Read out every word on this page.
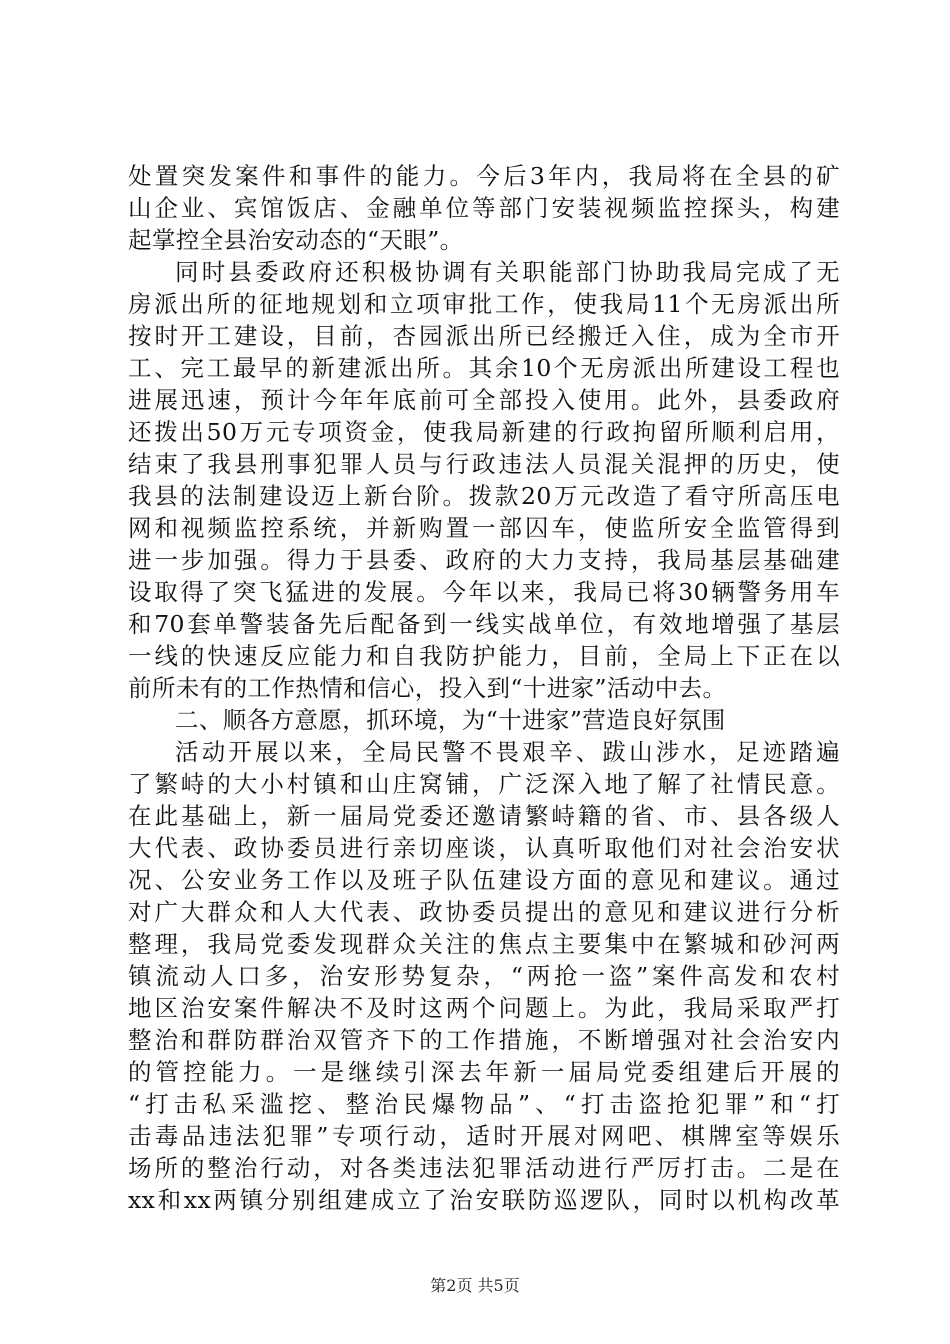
处置突发案件和事件的能力。今后3年内，我局将在全县的矿
山企业、宾馆饭店、金融单位等部门安装视频监控探头，构建
起掌控全县治安动态的“天眼”。
同时县委政府还积极协调有关职能部门协助我局完成了无
房派出所的征地规划和立项审批工作，使我局11个无房派出所
按时开工建设，目前，杏园派出所已经搬迁入住，成为全市开
工、完工最早的新建派出所。其余10个无房派出所建设工程也
进展迅速，预计今年年底前可全部投入使用。此外，县委政府
还拨出50万元专项资金，使我局新建的行政拘留所顺利启用，
结束了我县刑事犯罪人员与行政违法人员混关混押的历史，使
我县的法制建设迈上新台阶。拨款20万元改造了看守所高压电
网和视频监控系统，并新购置一部囚车，使监所安全监管得到
进一步加强。得力于县委、政府的大力支持，我局基层基础建
设取得了突飞猛进的发展。今年以来，我局已将30辆警务用车
和70套单警装备先后配备到一线实战单位，有效地增强了基层
一线的快速反应能力和自我防护能力，目前，全局上下正在以
前所未有的工作热情和信心，投入到“十进家”活动中去。
二、顺各方意愿，抓环境，为“十进家”营造良好氛围
活动开展以来，全局民警不畏艰辛、跋山涉水，足迹踏遍
了繁峙的大小村镇和山庄窝铺，广泛深入地了解了社情民意。
在此基础上，新一届局党委还邀请繁峙籍的省、市、县各级人
大代表、政协委员进行亲切座谈，认真听取他们对社会治安状
况、公安业务工作以及班子队伍建设方面的意见和建议。通过
对广大群众和人大代表、政协委员提出的意见和建议进行分析
整理，我局党委发现群众关注的焦点主要集中在繁城和砂河两
镇流动人口多，治安形势复杂，“两抢一盗”案件高发和农村
地区治安案件解决不及时这两个问题上。为此，我局采取严打
整治和群防群治双管齐下的工作措施，不断增强对社会治安内
的管控能力。一是继续引深去年新一届局党委组建后开展的
“打击私采滥挖、整治民爆物品”、“打击盗抢犯罪”和“打
击毒品违法犯罪”专项行动，适时开展对网吧、棋牌室等娱乐
场所的整治行动，对各类违法犯罪活动进行严厉打击。二是在
xx和xx两镇分别组建成立了治安联防巡逻队，同时以机构改革
第2页 共5页
